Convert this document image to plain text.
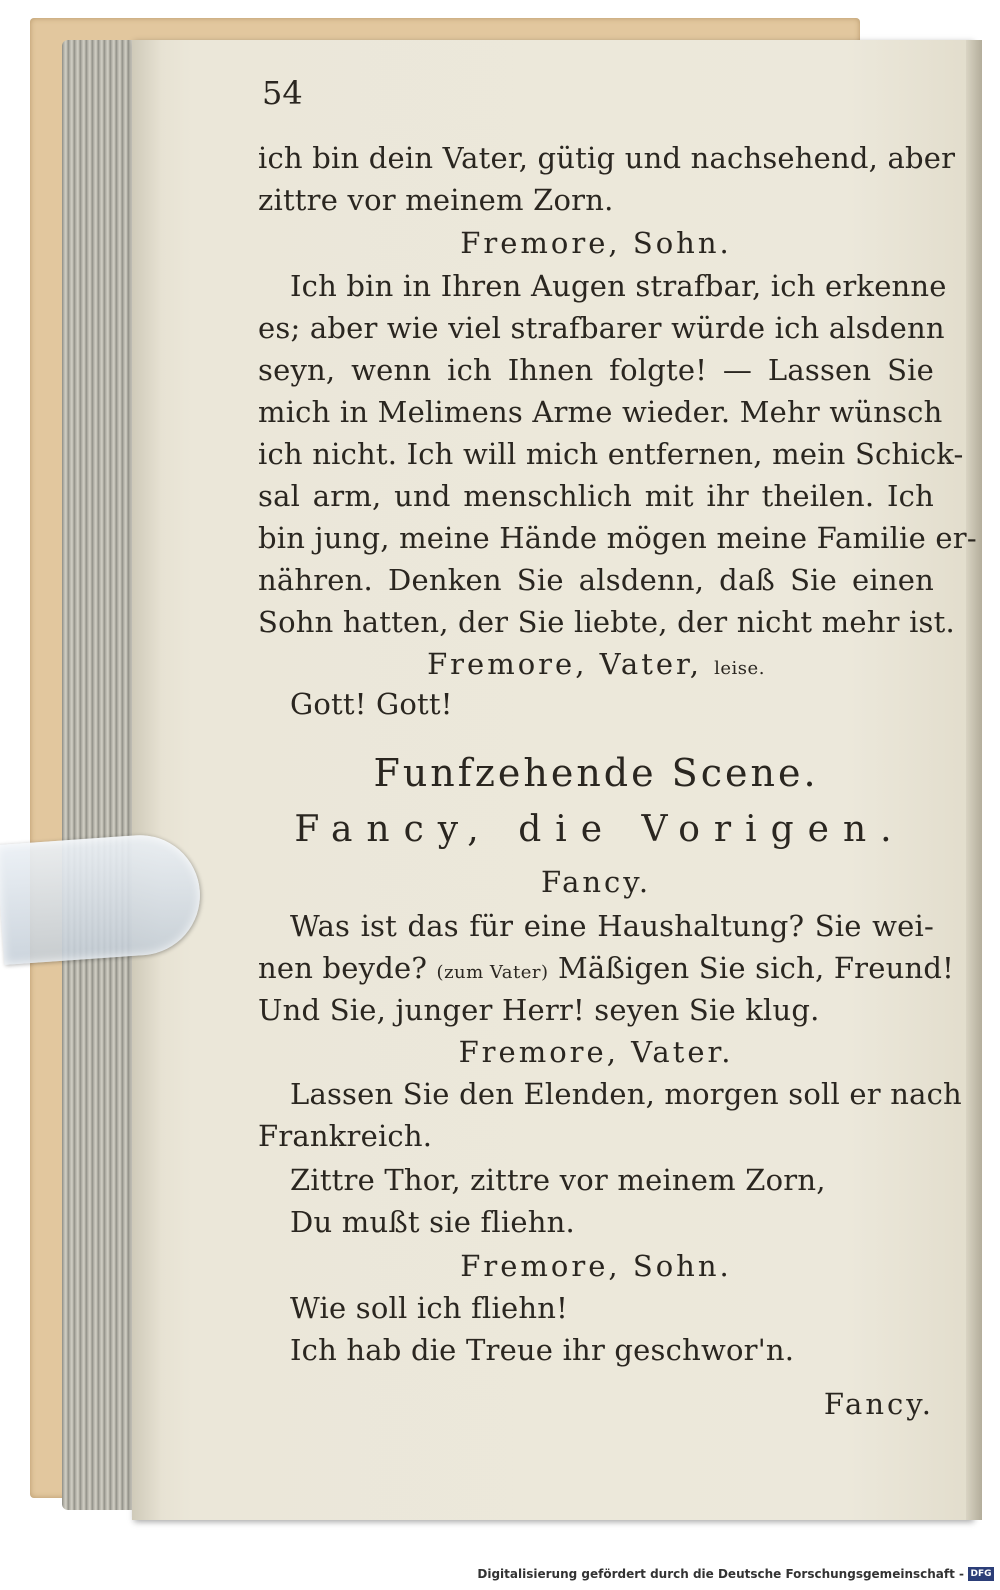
54
ich bin dein Vater, gütig und nachsehend, aber
zittre vor meinem Zorn.
Fremore, Sohn.
Ich bin in Ihren Augen strafbar, ich erkenne
es; aber wie viel strafbarer würde ich alsdenn
seyn, wenn ich Ihnen folgte! — Lassen Sie
mich in Melimens Arme wieder. Mehr wünsch
ich nicht. Ich will mich entfernen, mein Schick-
sal arm, und menschlich mit ihr theilen. Ich
bin jung, meine Hände mögen meine Familie er-
nähren. Denken Sie alsdenn, daß Sie einen
Sohn hatten, der Sie liebte, der nicht mehr ist.
Fremore, Vater, leise.
Gott! Gott!
Funfzehende Scene.
Fancy, die Vorigen.
Fancy.
Was ist das für eine Haushaltung? Sie wei-
nen beyde? (zum Vater) Mäßigen Sie sich, Freund!
Und Sie, junger Herr! seyen Sie klug.
Fremore, Vater.
Lassen Sie den Elenden, morgen soll er nach
Frankreich.
Zittre Thor, zittre vor meinem Zorn,
Du mußt sie fliehn.
Fremore, Sohn.
Wie soll ich fliehn!
Ich hab die Treue ihr geschwor'n.
Fancy.
Digitalisierung gefördert durch die Deutsche Forschungsgemeinschaft - DFG
